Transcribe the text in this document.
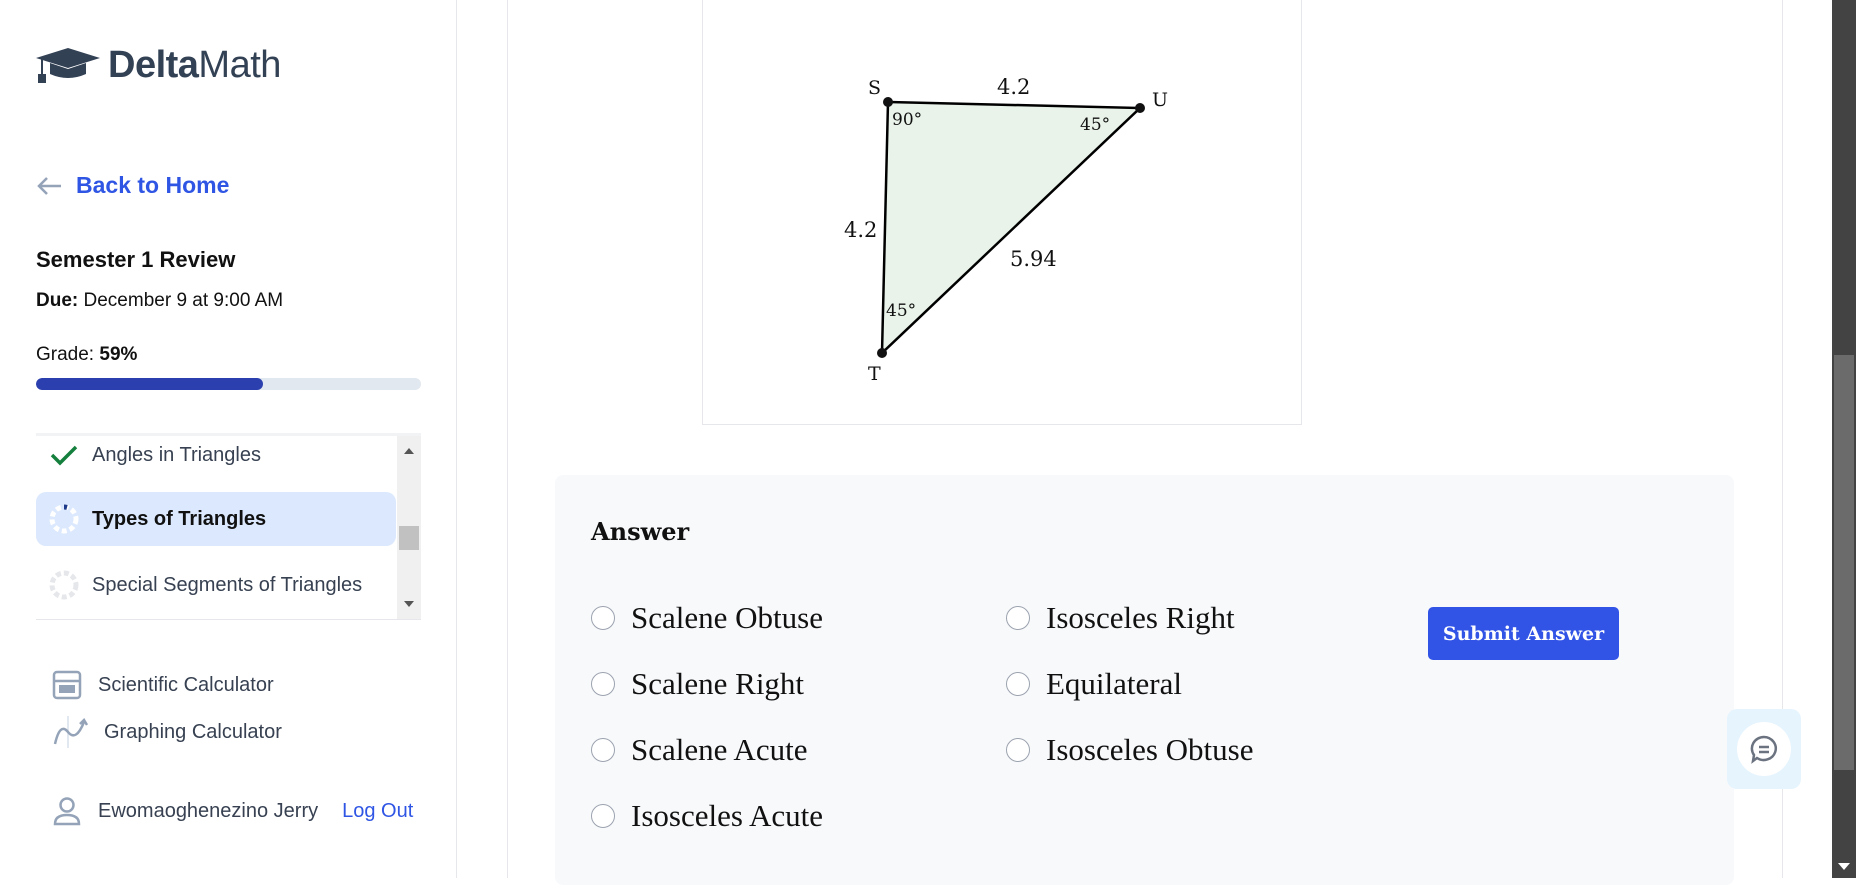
DeltaMath
Back to Home
Semester 1 Review
Due: December 9 at 9:00 AM
Grade: 59%
Angles in Triangles
Types of Triangles
Special Segments of Triangles
Scientific Calculator
Graphing Calculator
Ewomaoghenezino Jerry Log Out
S
U
T
4.2
4.2
5.94
90°	45°
45°
Answer
Scalene Obtuse
Scalene Right
Scalene Acute
Isosceles Acute
Isosceles Right
Equilateral
Isosceles Obtuse
Submit Answer
